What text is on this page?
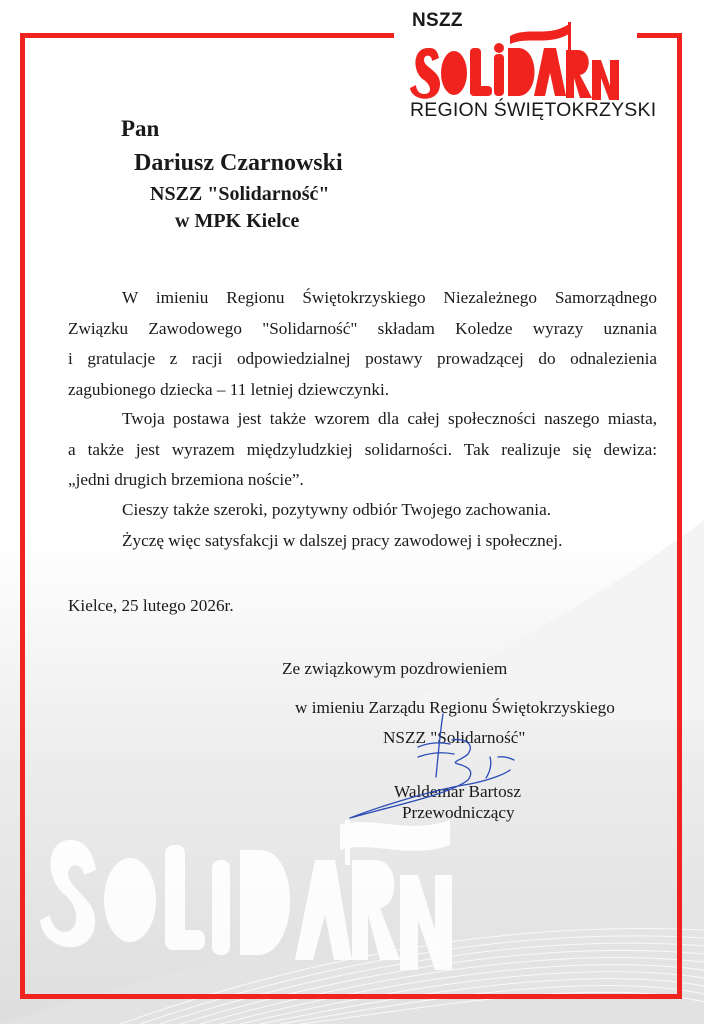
NSZZ
REGION ŚWIĘTOKRZYSKI
Pan
Dariusz Czarnowski
NSZZ "Solidarność"
w MPK Kielce
W imieniu Regionu Świętokrzyskiego Niezależnego Samorządnego
Związku Zawodowego "Solidarność" składam Koledze wyrazy uznania
i gratulacje z racji odpowiedzialnej postawy prowadzącej do odnalezienia
zagubionego dziecka – 11 letniej dziewczynki.
Twoja postawa jest także wzorem dla całej społeczności naszego miasta,
a także jest wyrazem międzyludzkiej solidarności. Tak realizuje się dewiza:
„jedni drugich brzemiona noście”.
Cieszy także szeroki, pozytywny odbiór Twojego zachowania.
Życzę więc satysfakcji w dalszej pracy zawodowej i społecznej.
Kielce, 25 lutego 2026r.
Ze związkowym pozdrowieniem
w imieniu Zarządu Regionu Świętokrzyskiego
NSZZ "Solidarność"
Waldemar Bartosz
Przewodniczący
